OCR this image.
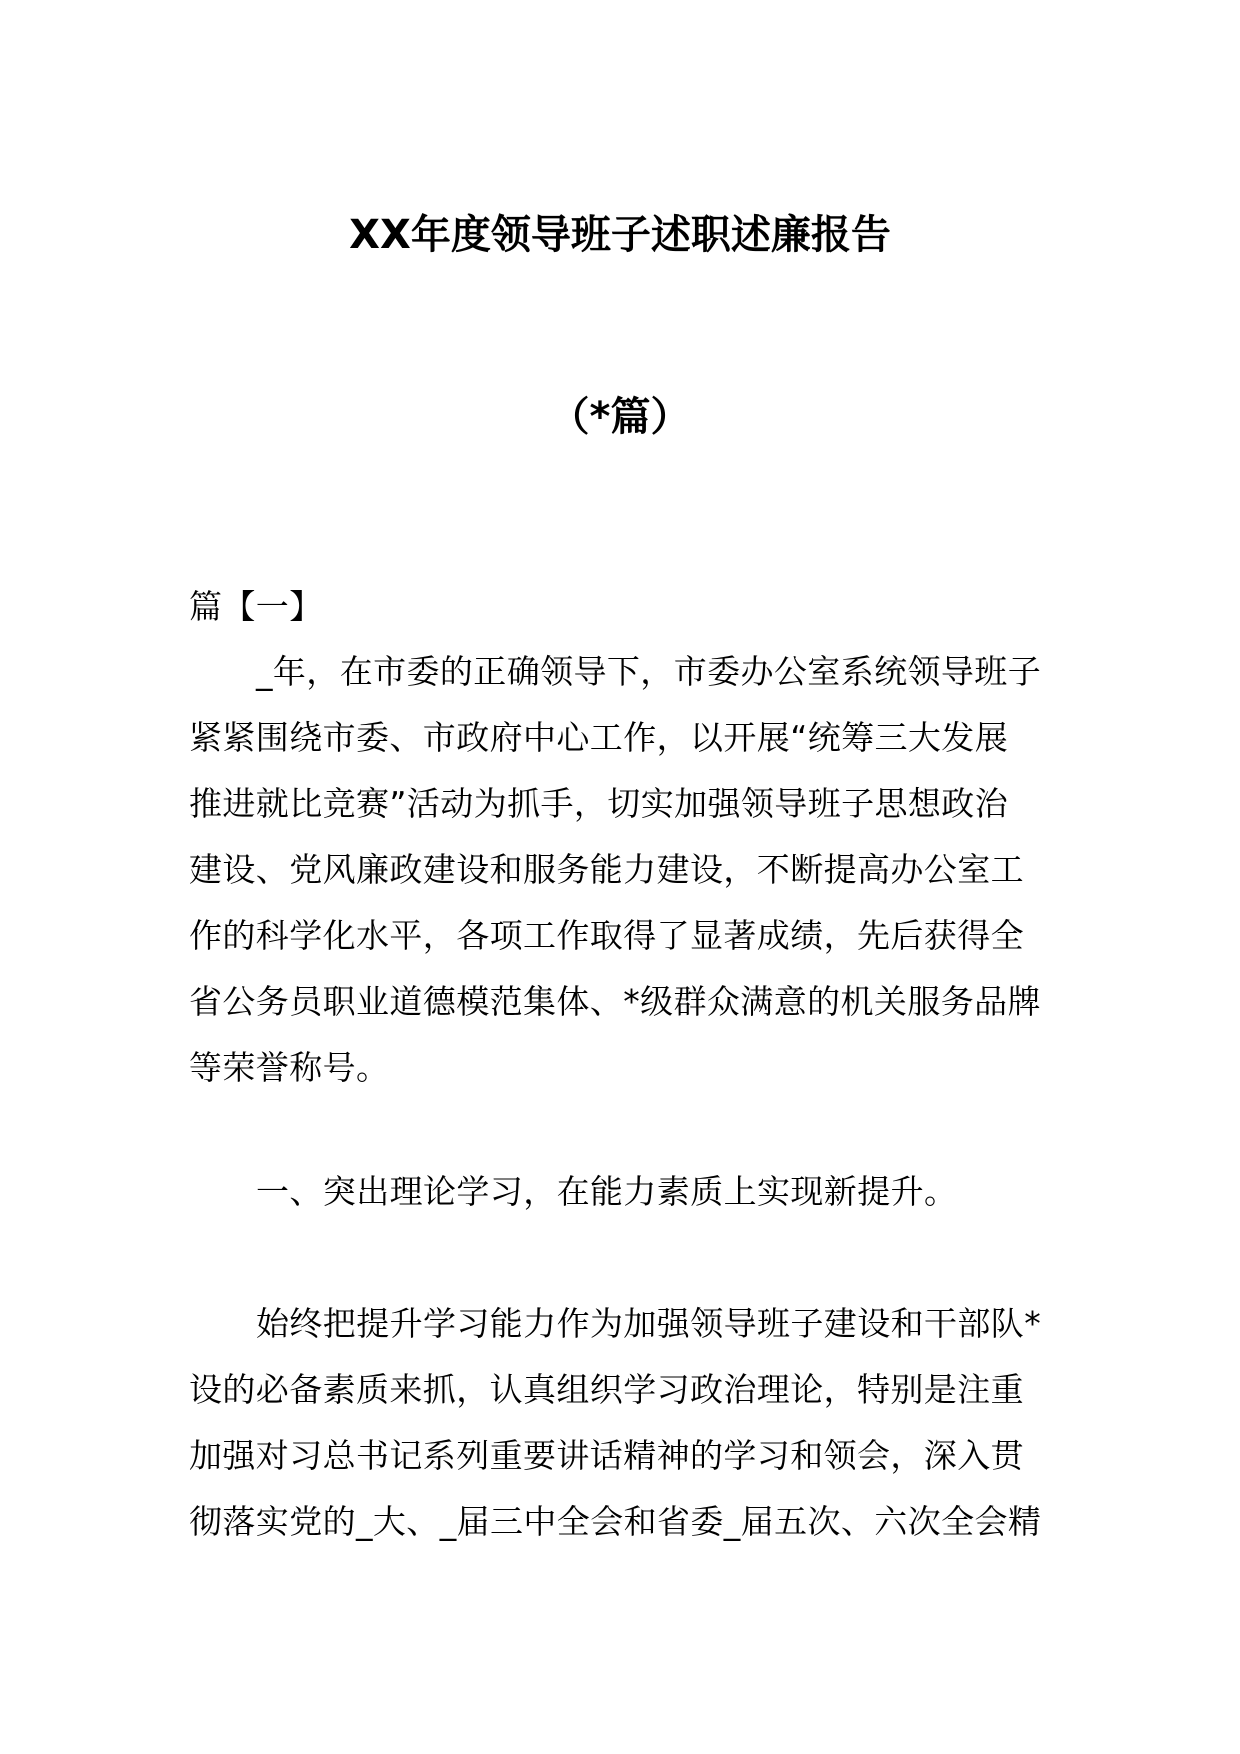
XX年度领导班子述职述廉报告
（*篇）
篇【一】
_年，在市委的正确领导下，市委办公室系统领导班子
紧紧围绕市委、市政府中心工作，以开展“统筹三大发展
推进就比竞赛”活动为抓手，切实加强领导班子思想政治
建设、党风廉政建设和服务能力建设，不断提高办公室工
作的科学化水平，各项工作取得了显著成绩，先后获得全
省公务员职业道德模范集体、*级群众满意的机关服务品牌
等荣誉称号。
一、突出理论学习，在能力素质上实现新提升。
始终把提升学习能力作为加强领导班子建设和干部队*
设的必备素质来抓，认真组织学习政治理论，特别是注重
加强对习总书记系列重要讲话精神的学习和领会，深入贯
彻落实党的_大、_届三中全会和省委_届五次、六次全会精
